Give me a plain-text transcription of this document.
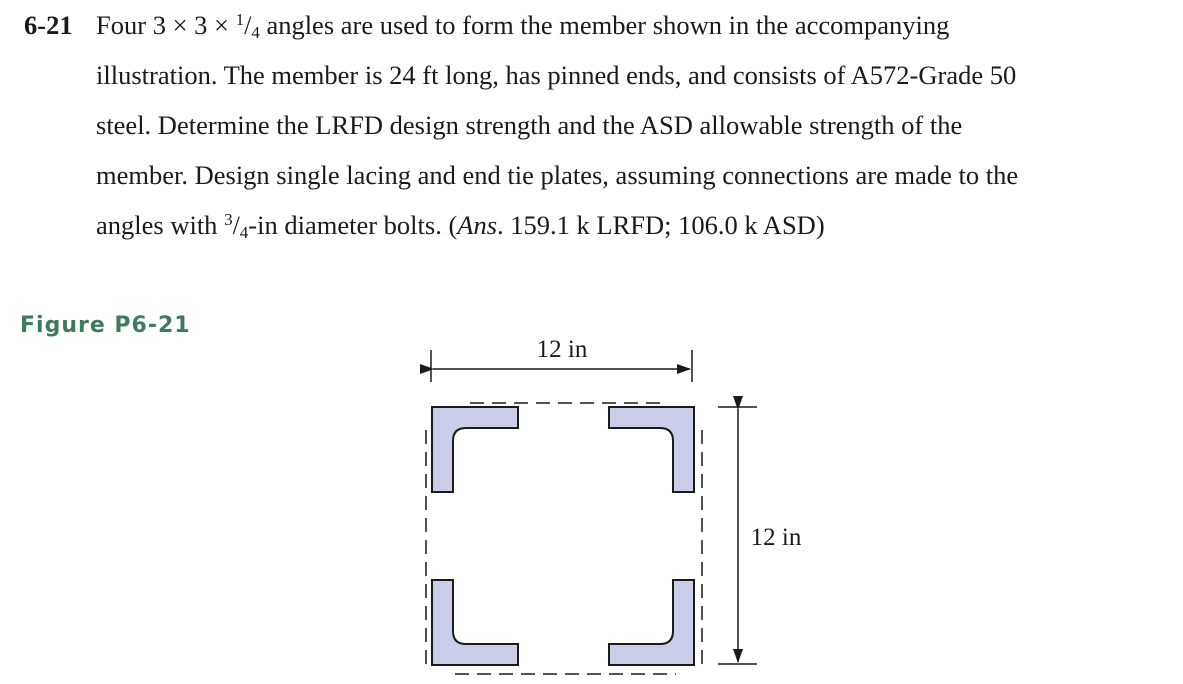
6-21 Four 3 × 3 × 1/4 angles are used to form the member shown in the accompanying
illustration. The member is 24 ft long, has pinned ends, and consists of A572-Grade 50
steel. Determine the LRFD design strength and the ASD allowable strength of the
member. Design single lacing and end tie plates, assuming connections are made to the
angles with 3/4-in diameter bolts. (Ans. 159.1 k LRFD; 106.0 k ASD)
Figure P6-21
12 in
12 in
